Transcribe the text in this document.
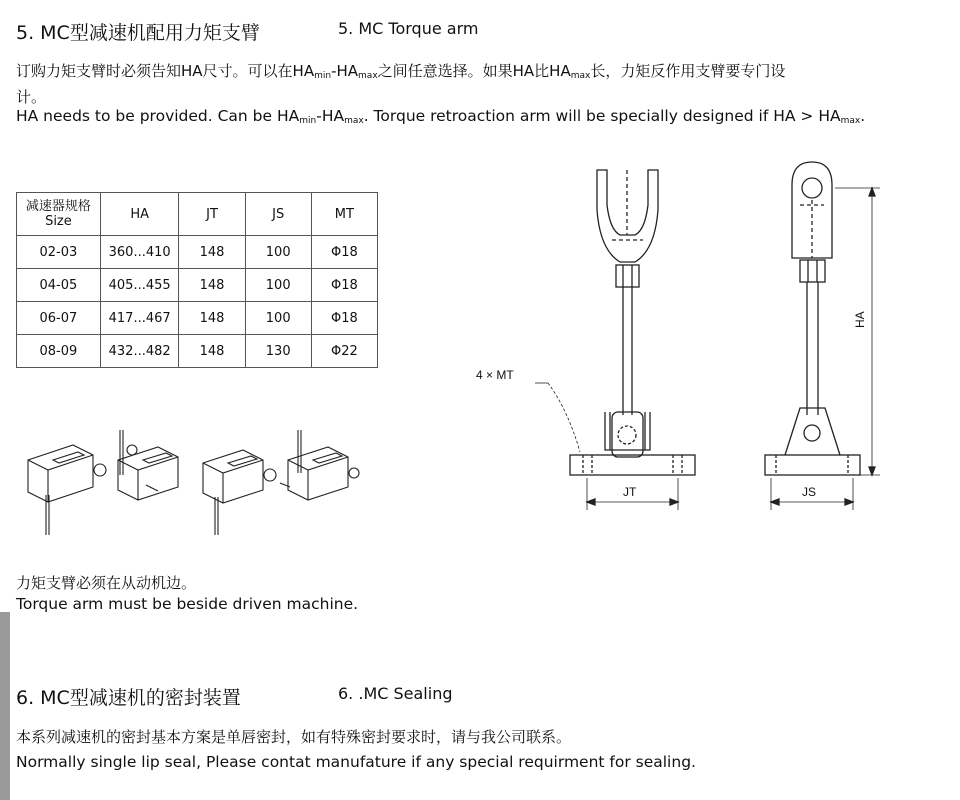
5. MC型减速机配用力矩支臂	5. MC Torque arm
订购力矩支臂时必须告知HA尺寸。可以在$HA_{min}-HA_{max}$之间任意选择。如果HA比$HA_{max}$长，力矩反作用支臂要专门设
计。
HA needs to be provided. Can be $HA_{min}-HA_{max}$. Torque retroaction arm will be specially designed if HA > $HA_{max}$.
减速器规格
Size	HA	JT	JS	MT
02-03	360...410	148	100	Φ18
04-05	405...455	148	100	Φ18
06-07	417...467	148	100	Φ18
08-09	432...482	148	130	Φ22
4 × MT
JT	JS
HA
力矩支臂必须在从动机边。
Torque arm must be beside driven machine.
6. MC型减速机的密封装置	6. .MC Sealing
本系列减速机的密封基本方案是单唇密封，如有特殊密封要求时，请与我公司联系。
Normally single lip seal, Please contat manufature if any special requirment for sealing.
